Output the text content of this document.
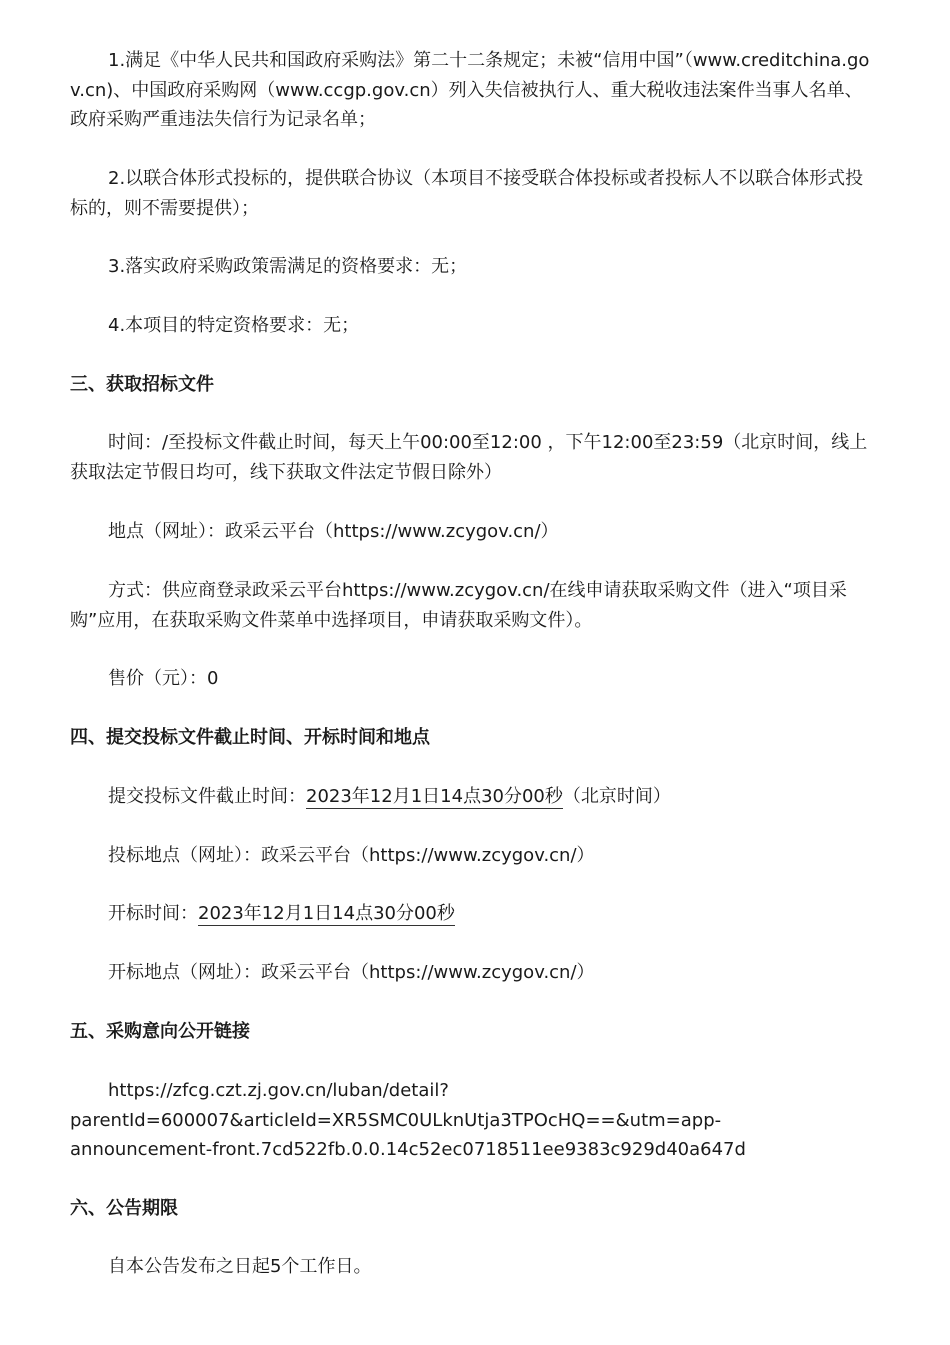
1.满足《中华人民共和国政府采购法》第二十二条规定；未被“信用中国”（www.creditchina.gov.cn)、中国政府采购网（www.ccgp.gov.cn）列入失信被执行人、重大税收违法案件当事人名单、政府采购严重违法失信行为记录名单；

2.以联合体形式投标的，提供联合协议（本项目不接受联合体投标或者投标人不以联合体形式投标的，则不需要提供）；

3.落实政府采购政策需满足的资格要求：无；

4.本项目的特定资格要求：无；

三、获取招标文件

时间：/至投标文件截止时间，每天上午00:00至12:00 ，下午12:00至23:59（北京时间，线上获取法定节假日均可，线下获取文件法定节假日除外）

地点（网址）：政采云平台（https://www.zcygov.cn/）

方式：供应商登录政采云平台https://www.zcygov.cn/在线申请获取采购文件（进入“项目采购”应用，在获取采购文件菜单中选择项目，申请获取采购文件）。

售价（元）：0

四、提交投标文件截止时间、开标时间和地点

提交投标文件截止时间：2023年12月1日14点30分00秒（北京时间）

投标地点（网址）：政采云平台（https://www.zcygov.cn/）

开标时间：2023年12月1日14点30分00秒

开标地点（网址）：政采云平台（https://www.zcygov.cn/）

五、采购意向公开链接

https://zfcg.czt.zj.gov.cn/luban/detail?
parentId=600007&articleId=XR5SMC0ULknUtja3TPOcHQ==&utm=app-
announcement-front.7cd522fb.0.0.14c52ec0718511ee9383c929d40a647d

六、公告期限

自本公告发布之日起5个工作日。
